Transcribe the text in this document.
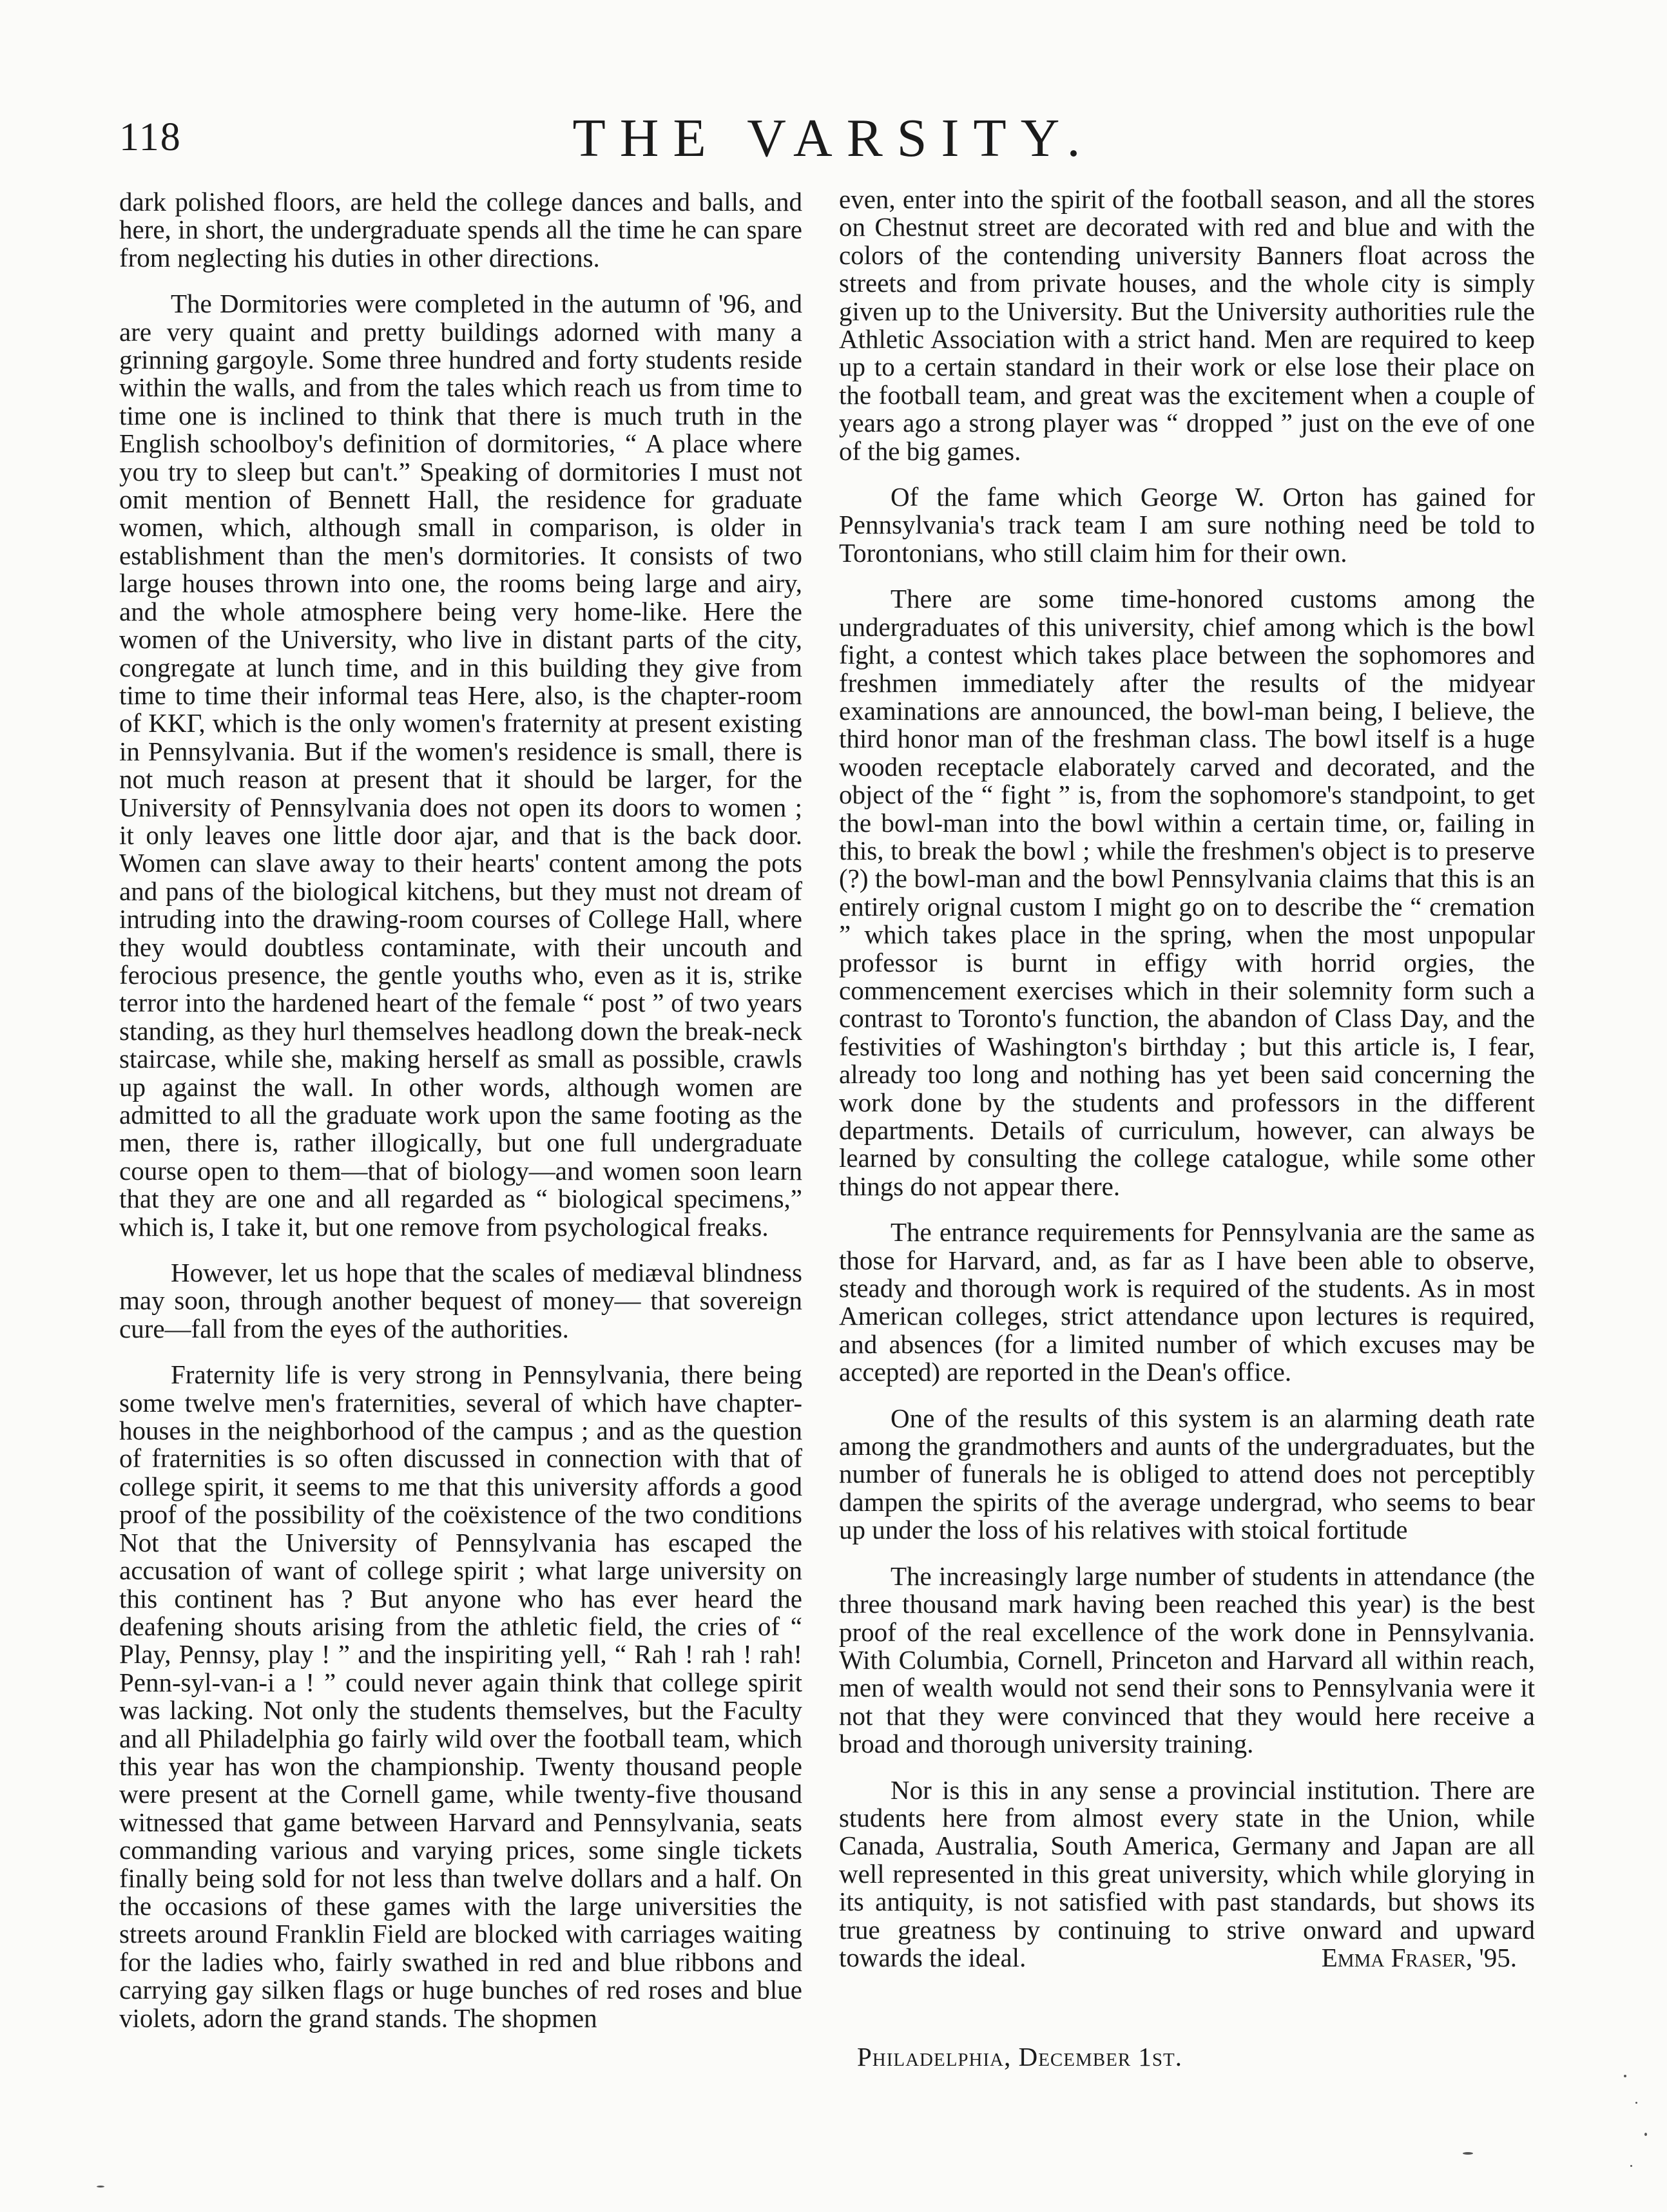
118	THE VARSITY.

dark polished floors, are held the college dances and balls, and here, in short, the undergraduate spends all the time he can spare from neglecting his duties in other directions.

The Dormitories were completed in the autumn of '96, and are very quaint and pretty buildings adorned with many a grinning gargoyle. Some three hundred and forty students reside within the walls, and from the tales which reach us from time to time one is inclined to think that there is much truth in the English schoolboy's definition of dormitories, “ A place where you try to sleep but can't.” Speaking of dormitories I must not omit mention of Bennett Hall, the residence for graduate women, which, although small in comparison, is older in establishment than the men's dormitories. It consists of two large houses thrown into one, the rooms being large and airy, and the whole atmosphere being very home-like. Here the women of the University, who live in distant parts of the city, congregate at lunch time, and in this building they give from time to time their informal teas Here, also, is the chapter-room of KKΓ, which is the only women's fraternity at present existing in Pennsylvania. But if the women's residence is small, there is not much reason at present that it should be larger, for the University of Pennsylvania does not open its doors to women ; it only leaves one little door ajar, and that is the back door. Women can slave away to their hearts' content among the pots and pans of the biological kitchens, but they must not dream of intruding into the drawing-room courses of College Hall, where they would doubtless contaminate, with their uncouth and ferocious presence, the gentle youths who, even as it is, strike terror into the hardened heart of the female “ post ” of two years standing, as they hurl themselves headlong down the break-neck staircase, while she, making herself as small as possible, crawls up against the wall. In other words, although women are admitted to all the graduate work upon the same footing as the men, there is, rather illogically, but one full undergraduate course open to them—that of biology—and women soon learn that they are one and all regarded as “ biological specimens,” which is, I take it, but one remove from psychological freaks.

However, let us hope that the scales of mediæval blindness may soon, through another bequest of money— that sovereign cure—fall from the eyes of the authorities.

Fraternity life is very strong in Pennsylvania, there being some twelve men's fraternities, several of which have chapter-houses in the neighborhood of the campus ; and as the question of fraternities is so often discussed in connection with that of college spirit, it seems to me that this university affords a good proof of the possibility of the coëxistence of the two conditions Not that the University of Pennsylvania has escaped the accusation of want of college spirit ; what large university on this continent has ? But anyone who has ever heard the deafening shouts arising from the athletic field, the cries of “ Play, Pennsy, play ! ” and the inspiriting yell, “ Rah ! rah ! rah! Penn-syl-van-i a ! ” could never again think that college spirit was lacking. Not only the students themselves, but the Faculty and all Philadelphia go fairly wild over the football team, which this year has won the championship. Twenty thousand people were present at the Cornell game, while twenty-five thousand witnessed that game between Harvard and Pennsylvania, seats commanding various and varying prices, some single tickets finally being sold for not less than twelve dollars and a half. On the occasions of these games with the large universities the streets around Franklin Field are blocked with carriages waiting for the ladies who, fairly swathed in red and blue ribbons and carrying gay silken flags or huge bunches of red roses and blue violets, adorn the grand stands. The shopmen

even, enter into the spirit of the football season, and all the stores on Chestnut street are decorated with red and blue and with the colors of the contending university Banners float across the streets and from private houses, and the whole city is simply given up to the University. But the University authorities rule the Athletic Association with a strict hand. Men are required to keep up to a certain standard in their work or else lose their place on the football team, and great was the excitement when a couple of years ago a strong player was “ dropped ” just on the eve of one of the big games.

Of the fame which George W. Orton has gained for Pennsylvania's track team I am sure nothing need be told to Torontonians, who still claim him for their own.

There are some time-honored customs among the undergraduates of this university, chief among which is the bowl fight, a contest which takes place between the sophomores and freshmen immediately after the results of the midyear examinations are announced, the bowl-man being, I believe, the third honor man of the freshman class. The bowl itself is a huge wooden receptacle elaborately carved and decorated, and the object of the “ fight ” is, from the sophomore's standpoint, to get the bowl-man into the bowl within a certain time, or, failing in this, to break the bowl ; while the freshmen's object is to preserve (?) the bowl-man and the bowl Pennsylvania claims that this is an entirely orignal custom I might go on to describe the “ cremation ” which takes place in the spring, when the most unpopular professor is burnt in effigy with horrid orgies, the commencement exercises which in their solemnity form such a contrast to Toronto's function, the abandon of Class Day, and the festivities of Washington's birthday ; but this article is, I fear, already too long and nothing has yet been said concerning the work done by the students and professors in the different departments. Details of curriculum, however, can always be learned by consulting the college catalogue, while some other things do not appear there.

The entrance requirements for Pennsylvania are the same as those for Harvard, and, as far as I have been able to observe, steady and thorough work is required of the students. As in most American colleges, strict attendance upon lectures is required, and absences (for a limited number of which excuses may be accepted) are reported in the Dean's office.

One of the results of this system is an alarming death rate among the grandmothers and aunts of the undergraduates, but the number of funerals he is obliged to attend does not perceptibly dampen the spirits of the average undergrad, who seems to bear up under the loss of his relatives with stoical fortitude

The increasingly large number of students in attendance (the three thousand mark having been reached this year) is the best proof of the real excellence of the work done in Pennsylvania. With Columbia, Cornell, Princeton and Harvard all within reach, men of wealth would not send their sons to Pennsylvania were it not that they were convinced that they would here receive a broad and thorough university training.

Nor is this in any sense a provincial institution. There are students here from almost every state in the Union, while Canada, Australia, South America, Germany and Japan are all well represented in this great university, which while glorying in its antiquity, is not satisfied with past standards, but shows its true greatness by continuing to strive onward and upward towards the ideal.	Emma Fraser, '95.

Philadelphia, December 1st.
